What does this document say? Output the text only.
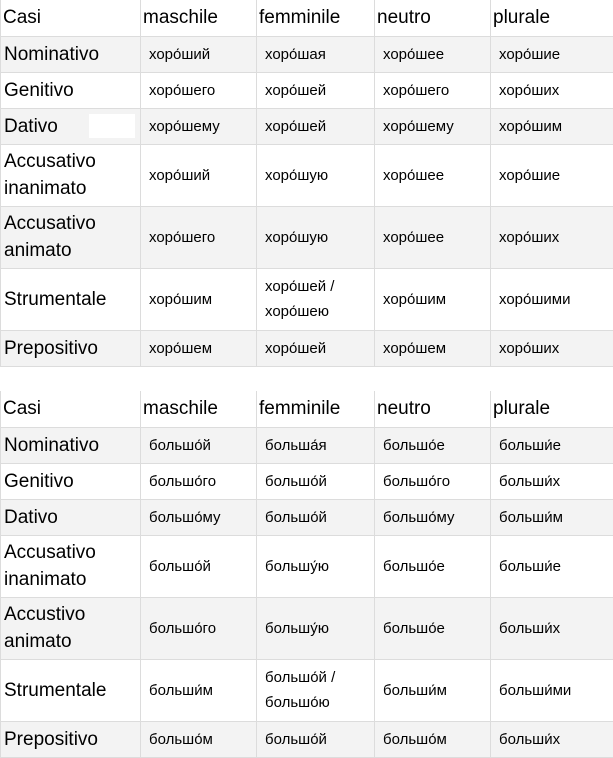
Casi	maschile	femminile	neutro	plurale
Nominativo	хоро́ший	хоро́шая	хоро́шее	хоро́шие
Genitivo	хоро́шего	хоро́шей	хоро́шего	хоро́ших
Dativo	хоро́шему	хоро́шей	хоро́шему	хоро́шим
Accusativo inanimato	хоро́ший	хоро́шую	хоро́шее	хоро́шие
Accusativo animato	хоро́шего	хоро́шую	хоро́шее	хоро́ших
Strumentale	хоро́шим	хоро́шей / хоро́шею	хоро́шим	хоро́шими
Prepositivo	хоро́шем	хоро́шей	хоро́шем	хоро́ших
Casi	maschile	femminile	neutro	plurale
Nominativo	большо́й	больша́я	большо́е	больши́е
Genitivo	большо́го	большо́й	большо́го	больши́х
Dativo	большо́му	большо́й	большо́му	больши́м
Accusativo inanimato	большо́й	большу́ю	большо́е	больши́е
Accustivo animato	большо́го	большу́ю	большо́е	больши́х
Strumentale	больши́м	большо́й / большо́ю	больши́м	больши́ми
Prepositivo	большо́м	большо́й	большо́м	больши́х
